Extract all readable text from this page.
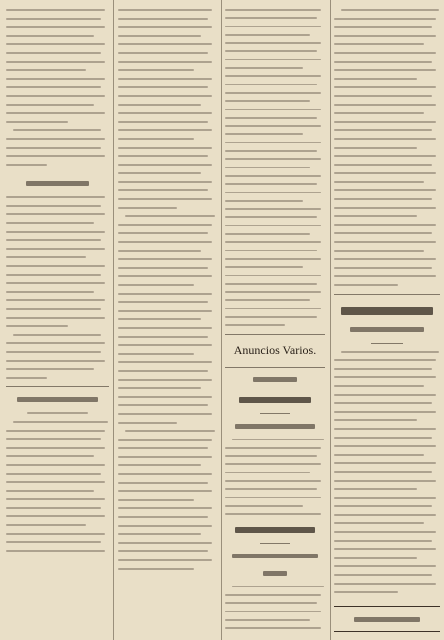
Anuncios Varios.
